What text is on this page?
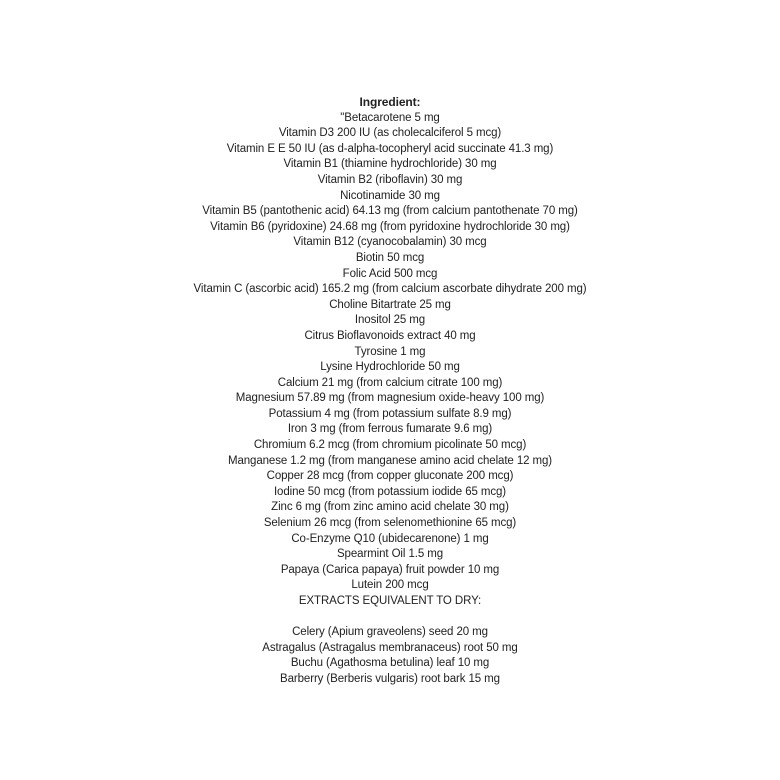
Ingredient:
"Betacarotene 5 mg
Vitamin D3 200 IU (as cholecalciferol 5 mcg)
Vitamin E E 50 IU (as d-alpha-tocopheryl acid succinate 41.3 mg)
Vitamin B1 (thiamine hydrochloride) 30 mg
Vitamin B2 (riboflavin) 30 mg
Nicotinamide 30 mg
Vitamin B5 (pantothenic acid) 64.13 mg (from calcium pantothenate 70 mg)
Vitamin B6 (pyridoxine) 24.68 mg (from pyridoxine hydrochloride 30 mg)
Vitamin B12 (cyanocobalamin) 30 mcg
Biotin 50 mcg
Folic Acid 500 mcg
Vitamin C (ascorbic acid) 165.2 mg (from calcium ascorbate dihydrate 200 mg)
Choline Bitartrate 25 mg
Inositol 25 mg
Citrus Bioflavonoids extract 40 mg
Tyrosine 1 mg
Lysine Hydrochloride 50 mg
Calcium 21 mg (from calcium citrate 100 mg)
Magnesium 57.89 mg (from magnesium oxide-heavy 100 mg)
Potassium 4 mg (from potassium sulfate 8.9 mg)
Iron 3 mg (from ferrous fumarate 9.6 mg)
Chromium 6.2 mcg (from chromium picolinate 50 mcg)
Manganese 1.2 mg (from manganese amino acid chelate 12 mg)
Copper 28 mcg (from copper gluconate 200 mcg)
Iodine 50 mcg (from potassium iodide 65 mcg)
Zinc 6 mg (from zinc amino acid chelate 30 mg)
Selenium 26 mcg (from selenomethionine 65 mcg)
Co-Enzyme Q10 (ubidecarenone) 1 mg
Spearmint Oil 1.5 mg
Papaya (Carica papaya) fruit powder 10 mg
Lutein 200 mcg
EXTRACTS EQUIVALENT TO DRY:
Celery (Apium graveolens) seed 20 mg
Astragalus (Astragalus membranaceus) root 50 mg
Buchu (Agathosma betulina) leaf 10 mg
Barberry (Berberis vulgaris) root bark 15 mg
